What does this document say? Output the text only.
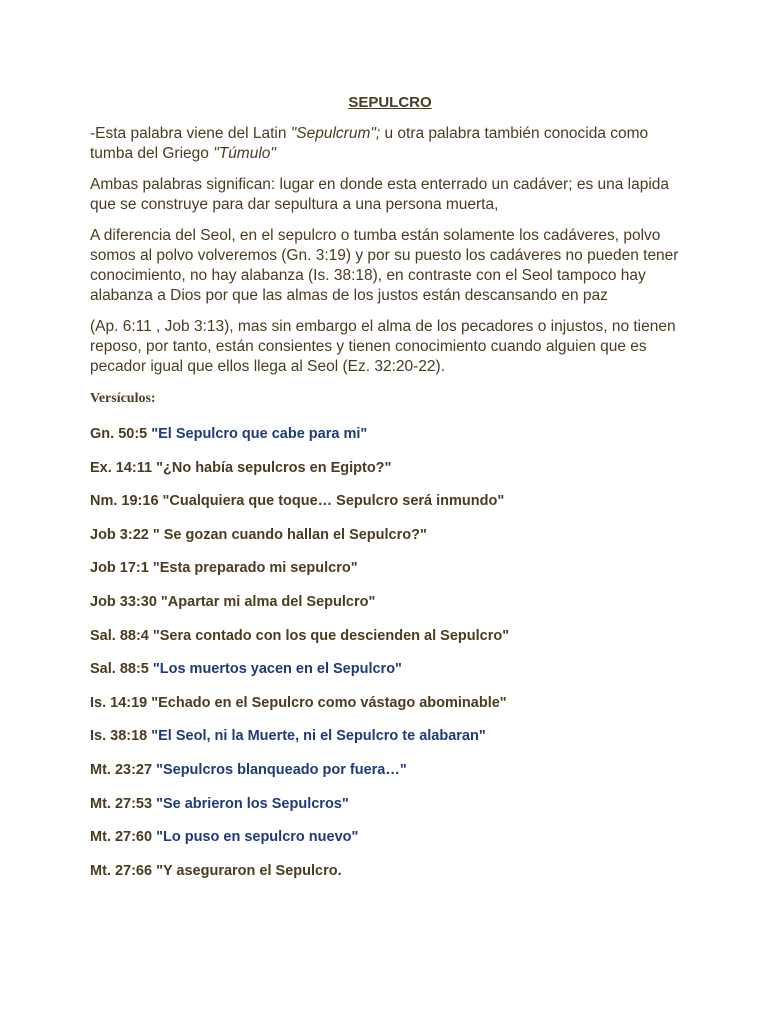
SEPULCRO

-Esta palabra viene del Latin "Sepulcrum"; u otra palabra también conocida como tumba del Griego "Túmulo"

Ambas palabras significan: lugar en donde esta enterrado un cadáver; es una lapida que se construye para dar sepultura a una persona muerta,

A diferencia del Seol, en el sepulcro o tumba están solamente los cadáveres, polvo somos al polvo volveremos (Gn. 3:19) y por su puesto los cadáveres no pueden tener conocimiento, no hay alabanza (Is. 38:18), en contraste con el Seol tampoco hay alabanza a Dios por que las almas de los justos están descansando en paz

(Ap. 6:11 , Job 3:13), mas sin embargo el alma de los pecadores o injustos, no tienen reposo, por tanto, están consientes y tienen conocimiento cuando alguien que es pecador igual que ellos llega al Seol (Ez. 32:20-22).

Versículos:
Gn. 50:5 "El Sepulcro que cabe para mi"
Ex. 14:11 "¿No había sepulcros en Egipto?"
Nm. 19:16 "Cualquiera que toque… Sepulcro será inmundo"
Job 3:22 " Se gozan cuando hallan el Sepulcro?"
Job 17:1 "Esta preparado mi sepulcro"
Job 33:30 "Apartar mi alma del Sepulcro"
Sal. 88:4 "Sera contado con los que descienden al Sepulcro"
Sal. 88:5 "Los muertos yacen en el Sepulcro"
Is. 14:19 "Echado en el Sepulcro como vástago abominable"
Is. 38:18 "El Seol, ni la Muerte, ni el Sepulcro te alabaran"
Mt. 23:27 "Sepulcros blanqueado por fuera…"
Mt. 27:53 "Se abrieron los Sepulcros"
Mt. 27:60 "Lo puso en sepulcro nuevo"
Mt. 27:66 "Y aseguraron el Sepulcro.
